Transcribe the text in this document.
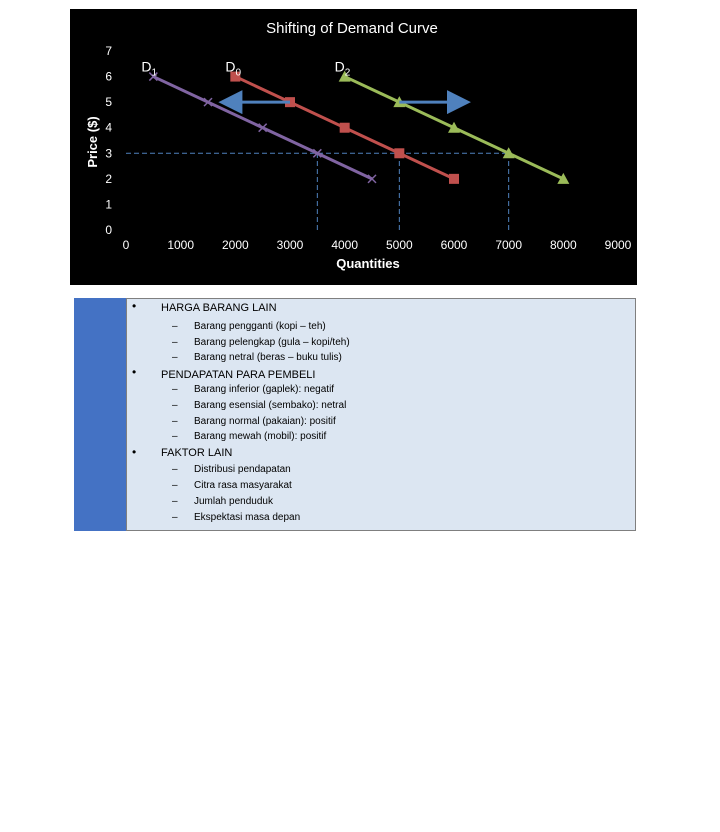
Shifting of Demand Curve
Quantities
Price ($)
0
1
2
3
4
5
6
7
0	1000 2000 3000 4000 5000 6000 7000 8000 9000
$D_1$	$D_0$	$D_2$
The Effect of Non-Price to Demand Curve
• HARGA BARANG LAIN
– Barang pengganti (kopi – teh)
– Barang pelengkap (gula – kopi/teh)
– Barang netral (beras – buku tulis)
• PENDAPATAN PARA PEMBELI
– Barang inferior (gaplek): negatif
– Barang esensial (sembako): netral
– Barang normal (pakaian): positif
– Barang mewah (mobil): positif
• FAKTOR LAIN
– Distribusi pendapatan
– Citra rasa masyarakat
– Jumlah penduduk
– Ekspektasi masa depan
